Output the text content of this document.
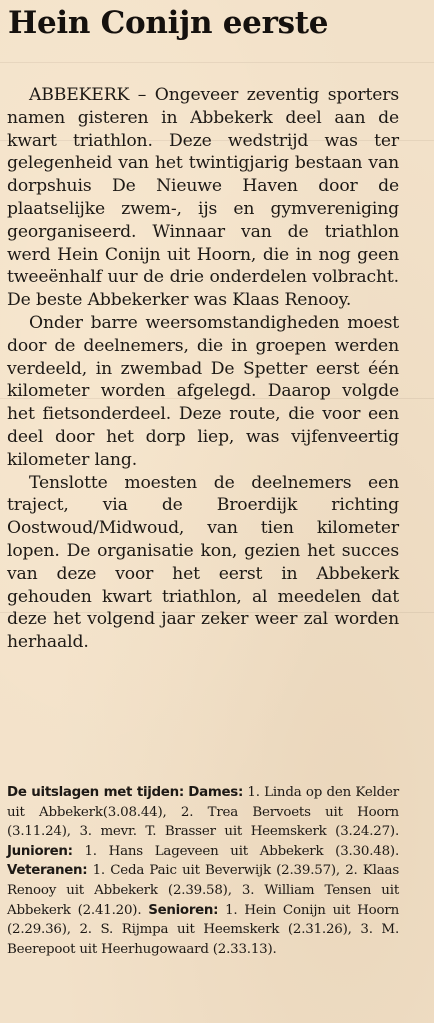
Hein Conijn eerste

ABBEKERK – Ongeveer zeventig sporters namen gisteren in Abbekerk deel aan de kwart triathlon. Deze wedstrijd was ter gelegenheid van het twintigjarig bestaan van dorpshuis De Nieuwe Haven door de plaatselijke zwem-, ijs en gymvereniging georganiseerd. Winnaar van de triathlon werd Hein Conijn uit Hoorn, die in nog geen tweeënhalf uur de drie onderdelen volbracht. De beste Abbekerker was Klaas Renooy.

Onder barre weersomstandigheden moest door de deelnemers, die in groepen werden verdeeld, in zwembad De Spetter eerst één kilometer worden afgelegd. Daarop volgde het fietsonderdeel. Deze route, die voor een deel door het dorp liep, was vijfenveertig kilometer lang.

Tenslotte moesten de deelnemers een traject, via de Broerdijk richting Oostwoud/Midwoud, van tien kilometer lopen. De organisatie kon, gezien het succes van deze voor het eerst in Abbekerk gehouden kwart triathlon, al meedelen dat deze het volgend jaar zeker weer zal worden herhaald.

De uitslagen met tijden: Dames: 1. Linda op den Kelder uit Abbekerk(3.08.44), 2. Trea Bervoets uit Hoorn (3.11.24), 3. mevr. T. Brasser uit Heemskerk (3.24.27). Junioren: 1. Hans Lageveen uit Abbekerk (3.30.48). Veteranen: 1. Ceda Paic uit Beverwijk (2.39.57), 2. Klaas Renooy uit Abbekerk (2.39.58), 3. William Tensen uit Abbekerk (2.41.20). Senioren: 1. Hein Conijn uit Hoorn (2.29.36), 2. S. Rijmpa uit Heemskerk (2.31.26), 3. M. Beerepoot uit Heerhugowaard (2.33.13).
